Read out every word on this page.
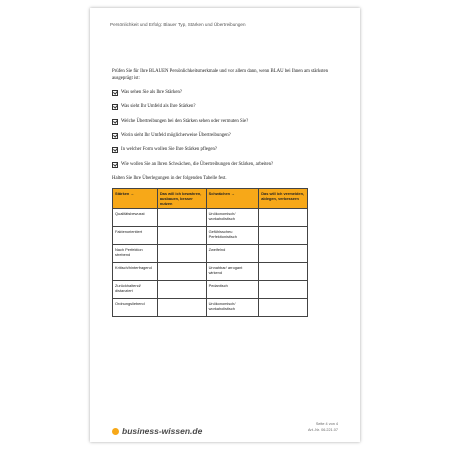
Persönlichkeit und Erfolg: Blauer Typ, Stärken und Übertreibungen
Prüfen Sie für Ihre BLAUEN Persönlichkeitsmerkmale und vor allem dann, wenn BLAU bei Ihnen am stärksten ausgeprägt ist:
Was sehen Sie als Ihre Stärken?
Was sieht Ihr Umfeld als Ihre Stärken?
Welche Übertreibungen bei den Stärken sehen oder vermuten Sie?
Worin sieht Ihr Umfeld möglicherweise Übertreibungen?
In welcher Form wollen Sie Ihre Stärken pflegen?
Wie wollen Sie an Ihren Schwächen, die Übertreibungen der Stärken, arbeiten?
Halten Sie Ihre Überlegungen in der folgenden Tabelle fest.
Stärken →	Das will ich bewahren, ausbauen, besser nutzen	Schwächen →	Das will ich vermeiden, ablegen, verbessern
Qualitätsbewusst		Unökonomisch/ workaholistisch	
Faktenorientiert		Gefühlsscheu Perfektionistisch	
Nach Perfektion strebend		Zweifelnd	
Kritisch/hinterfragend		Unnahbar/ arrogant wirkend	
Zurückhaltend/ distanziert		Pedantisch	
Ordnungsliebend		Unökonomisch/ workaholistisch	
business-wissen.de
Seite 4 von 4
Art.-Nr. 06.221.07
